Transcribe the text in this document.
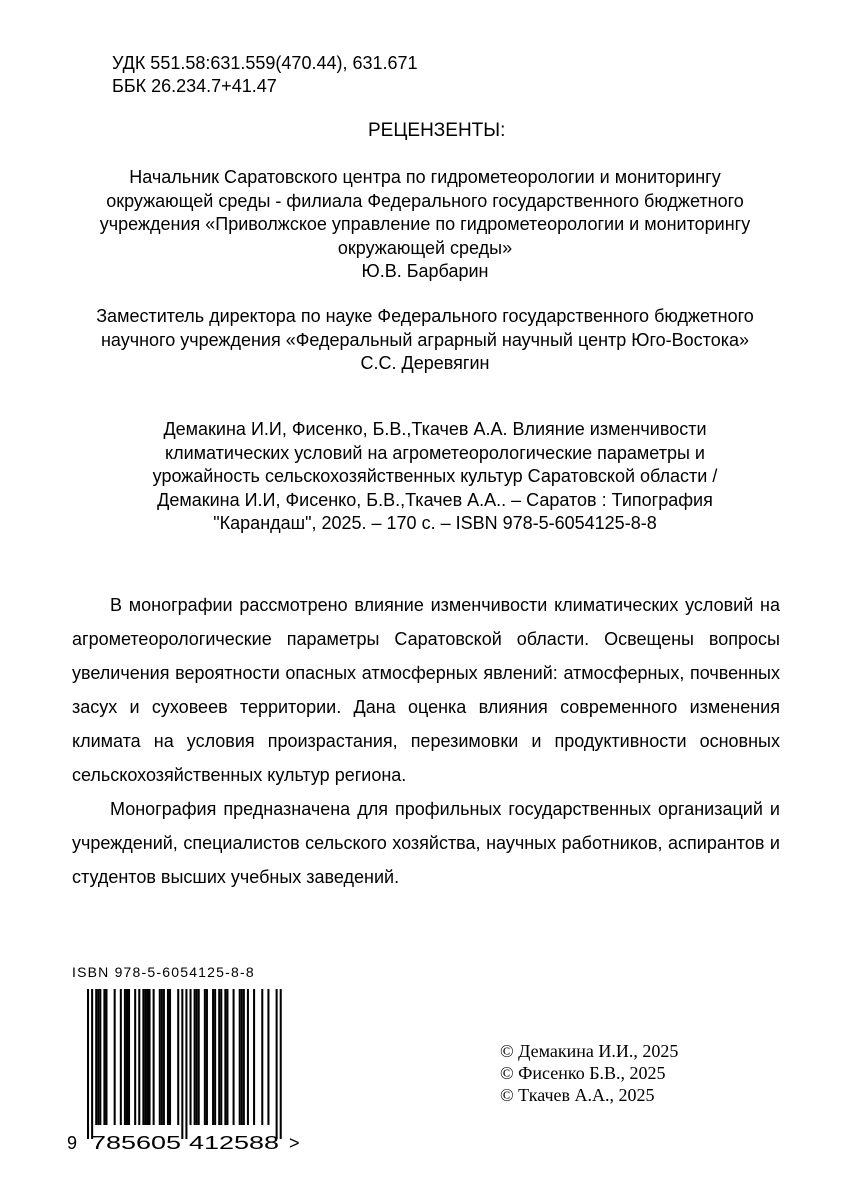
УДК 551.58:631.559(470.44), 631.671
ББК 26.234.7+41.47
РЕЦЕНЗЕНТЫ:
Начальник Саратовского центра по гидрометеорологии и мониторингу
окружающей среды - филиала Федерального государственного бюджетного
учреждения «Приволжское управление по гидрометеорологии и мониторингу
окружающей среды»
Ю.В. Барбарин
Заместитель директора по науке Федерального государственного бюджетного
научного учреждения «Федеральный аграрный научный центр Юго-Востока»
С.С. Деревягин
Демакина И.И, Фисенко, Б.В.,Ткачев А.А. Влияние изменчивости
климатических условий на агрометеорологические параметры и
урожайность сельскохозяйственных культур Саратовской области /
Демакина И.И, Фисенко, Б.В.,Ткачев А.А.. – Саратов : Типография
"Карандаш", 2025. – 170 с. – ISBN 978-5-6054125-8-8

В монографии рассмотрено влияние изменчивости климатических условий на агрометеорологические параметры Саратовской области. Освещены вопросы увеличения вероятности опасных атмосферных явлений: атмосферных, почвенных засух и суховеев территории. Дана оценка влияния современного изменения климата на условия произрастания, перезимовки и продуктивности основных сельскохозяйственных культур региона.

Монография предназначена для профильных государственных организаций и учреждений, специалистов сельского хозяйства, научных работников, аспирантов и студентов высших учебных заведений.

ISBN 978-5-6054125-8-8
9 785605 412588 >
© Демакина И.И., 2025
© Фисенко Б.В., 2025
© Ткачев А.А., 2025
